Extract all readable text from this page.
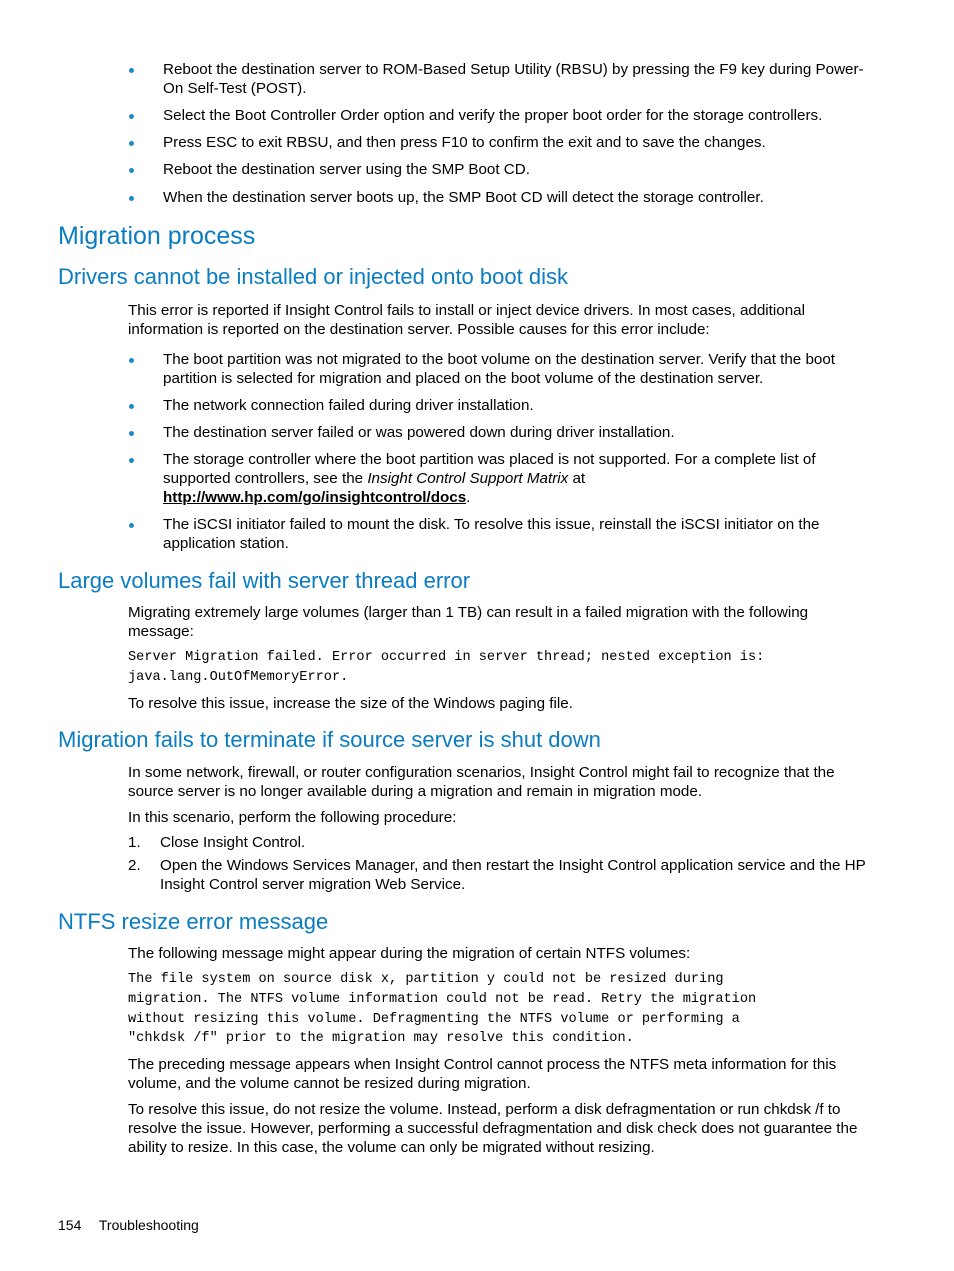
Reboot the destination server to ROM-Based Setup Utility (RBSU) by pressing the F9 key during Power-On Self-Test (POST).
Select the Boot Controller Order option and verify the proper boot order for the storage controllers.
Press ESC to exit RBSU, and then press F10 to confirm the exit and to save the changes.
Reboot the destination server using the SMP Boot CD.
When the destination server boots up, the SMP Boot CD will detect the storage controller.
Migration process
Drivers cannot be installed or injected onto boot disk
This error is reported if Insight Control fails to install or inject device drivers. In most cases, additional information is reported on the destination server. Possible causes for this error include:
The boot partition was not migrated to the boot volume on the destination server. Verify that the boot partition is selected for migration and placed on the boot volume of the destination server.
The network connection failed during driver installation.
The destination server failed or was powered down during driver installation.
The storage controller where the boot partition was placed is not supported. For a complete list of supported controllers, see the Insight Control Support Matrix at http://www.hp.com/go/insightcontrol/docs.
The iSCSI initiator failed to mount the disk. To resolve this issue, reinstall the iSCSI initiator on the application station.
Large volumes fail with server thread error
Migrating extremely large volumes (larger than 1 TB) can result in a failed migration with the following message:
Server Migration failed. Error occurred in server thread; nested exception is:
java.lang.OutOfMemoryError.
To resolve this issue, increase the size of the Windows paging file.
Migration fails to terminate if source server is shut down
In some network, firewall, or router configuration scenarios, Insight Control might fail to recognize that the source server is no longer available during a migration and remain in migration mode.
In this scenario, perform the following procedure:
1.	Close Insight Control.
2.	Open the Windows Services Manager, and then restart the Insight Control application service and the HP Insight Control server migration Web Service.
NTFS resize error message
The following message might appear during the migration of certain NTFS volumes:
The file system on source disk x, partition y could not be resized during
migration. The NTFS volume information could not be read. Retry the migration
without resizing this volume. Defragmenting the NTFS volume or performing a
"chkdsk /f" prior to the migration may resolve this condition.
The preceding message appears when Insight Control cannot process the NTFS meta information for this volume, and the volume cannot be resized during migration.
To resolve this issue, do not resize the volume. Instead, perform a disk defragmentation or run chkdsk /f to resolve the issue. However, performing a successful defragmentation and disk check does not guarantee the ability to resize. In this case, the volume can only be migrated without resizing.
154 Troubleshooting
